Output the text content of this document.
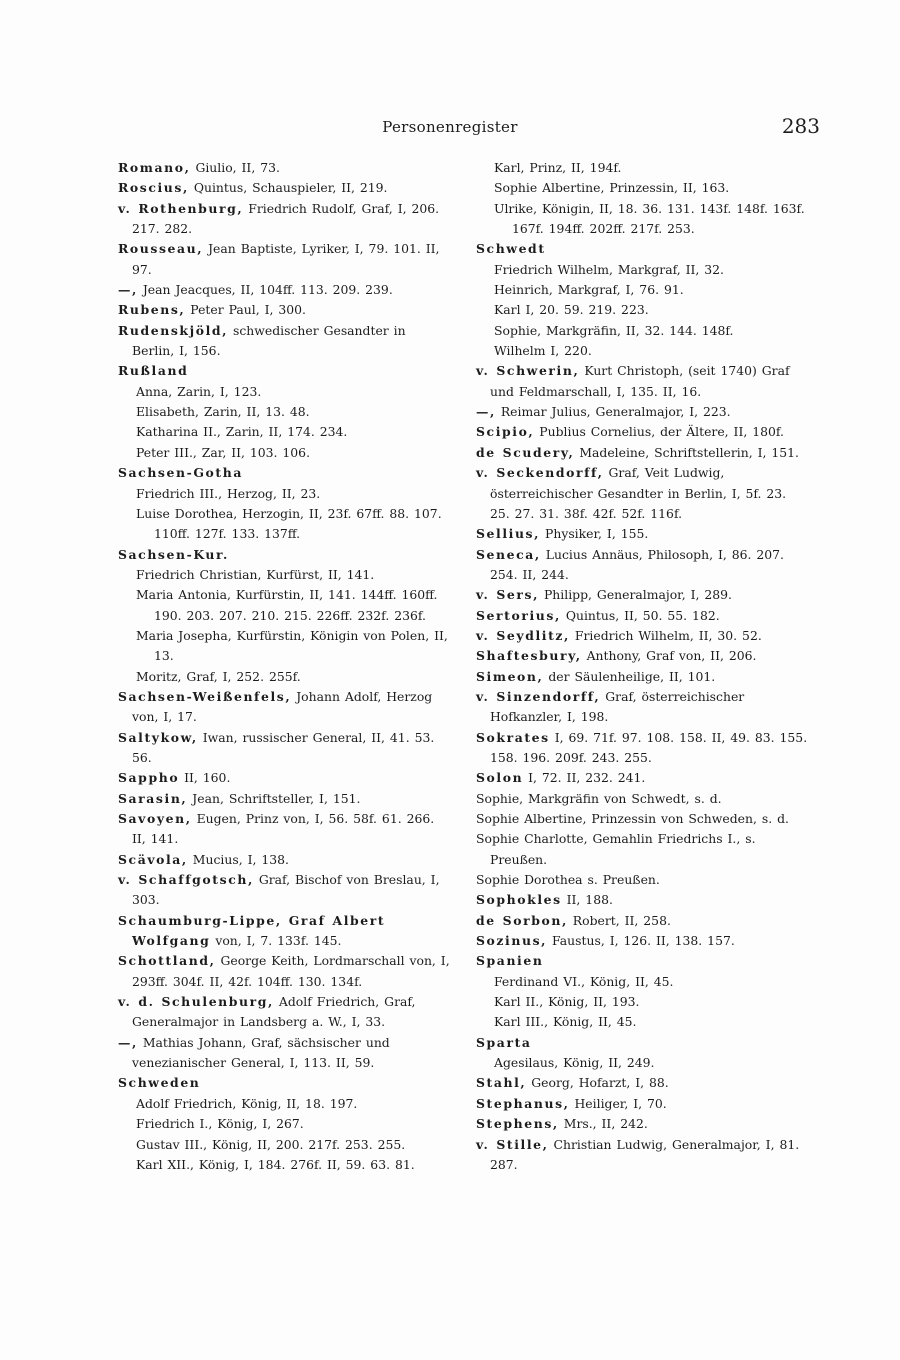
Personenregister	283
Romano, Giulio, II, 73.
Roscius, Quintus, Schauspieler, II, 219.
v. Rothenburg, Friedrich Rudolf, Graf, I, 206. 217. 282.
Rousseau, Jean Baptiste, Lyriker, I, 79. 101. II, 97.
—, Jean Jeacques, II, 104ff. 113. 209. 239.
Rubens, Peter Paul, I, 300.
Rudenskjöld, schwedischer Gesandter in Berlin, I, 156.
Rußland
Anna, Zarin, I, 123.
Elisabeth, Zarin, II, 13. 48.
Katharina II., Zarin, II, 174. 234.
Peter III., Zar, II, 103. 106.
Sachsen-Gotha
Friedrich III., Herzog, II, 23.
Luise Dorothea, Herzogin, II, 23f. 67ff. 88. 107. 110ff. 127f. 133. 137ff.
Sachsen-Kur.
Friedrich Christian, Kurfürst, II, 141.
Maria Antonia, Kurfürstin, II, 141. 144ff. 160ff. 190. 203. 207. 210. 215. 226ff. 232f. 236f.
Maria Josepha, Kurfürstin, Königin von Polen, II, 13.
Moritz, Graf, I, 252. 255f.
Sachsen-Weißenfels, Johann Adolf, Herzog von, I, 17.
Saltykow, Iwan, russischer General, II, 41. 53. 56.
Sappho II, 160.
Sarasin, Jean, Schriftsteller, I, 151.
Savoyen, Eugen, Prinz von, I, 56. 58f. 61. 266. II, 141.
Scävola, Mucius, I, 138.
v. Schaffgotsch, Graf, Bischof von Breslau, I, 303.
Schaumburg-Lippe, Graf Albert Wolfgang von, I, 7. 133f. 145.
Schottland, George Keith, Lordmarschall von, I, 293ff. 304f. II, 42f. 104ff. 130. 134f.
v. d. Schulenburg, Adolf Friedrich, Graf, Generalmajor in Landsberg a. W., I, 33.
—, Mathias Johann, Graf, sächsischer und venezianischer General, I, 113. II, 59.
Schweden
Adolf Friedrich, König, II, 18. 197.
Friedrich I., König, I, 267.
Gustav III., König, II, 200. 217f. 253. 255.
Karl XII., König, I, 184. 276f. II, 59. 63. 81.
Karl, Prinz, II, 194f.
Sophie Albertine, Prinzessin, II, 163.
Ulrike, Königin, II, 18. 36. 131. 143f. 148f. 163f. 167f. 194ff. 202ff. 217f. 253.
Schwedt
Friedrich Wilhelm, Markgraf, II, 32.
Heinrich, Markgraf, I, 76. 91.
Karl I, 20. 59. 219. 223.
Sophie, Markgräfin, II, 32. 144. 148f.
Wilhelm I, 220.
v. Schwerin, Kurt Christoph, (seit 1740) Graf und Feldmarschall, I, 135. II, 16.
—, Reimar Julius, Generalmajor, I, 223.
Scipio, Publius Cornelius, der Ältere, II, 180f.
de Scudery, Madeleine, Schriftstellerin, I, 151.
v. Seckendorff, Graf, Veit Ludwig, österreichischer Gesandter in Berlin, I, 5f. 23. 25. 27. 31. 38f. 42f. 52f. 116f.
Sellius, Physiker, I, 155.
Seneca, Lucius Annäus, Philosoph, I, 86. 207. 254. II, 244.
v. Sers, Philipp, Generalmajor, I, 289.
Sertorius, Quintus, II, 50. 55. 182.
v. Seydlitz, Friedrich Wilhelm, II, 30. 52.
Shaftesbury, Anthony, Graf von, II, 206.
Simeon, der Säulenheilige, II, 101.
v. Sinzendorff, Graf, österreichischer Hofkanzler, I, 198.
Sokrates I, 69. 71f. 97. 108. 158. II, 49. 83. 155. 158. 196. 209f. 243. 255.
Solon I, 72. II, 232. 241.
Sophie, Markgräfin von Schwedt, s. d.
Sophie Albertine, Prinzessin von Schweden, s. d.
Sophie Charlotte, Gemahlin Friedrichs I., s. Preußen.
Sophie Dorothea s. Preußen.
Sophokles II, 188.
de Sorbon, Robert, II, 258.
Sozinus, Faustus, I, 126. II, 138. 157.
Spanien
Ferdinand VI., König, II, 45.
Karl II., König, II, 193.
Karl III., König, II, 45.
Sparta
Agesilaus, König, II, 249.
Stahl, Georg, Hofarzt, I, 88.
Stephanus, Heiliger, I, 70.
Stephens, Mrs., II, 242.
v. Stille, Christian Ludwig, Generalmajor, I, 81. 287.
